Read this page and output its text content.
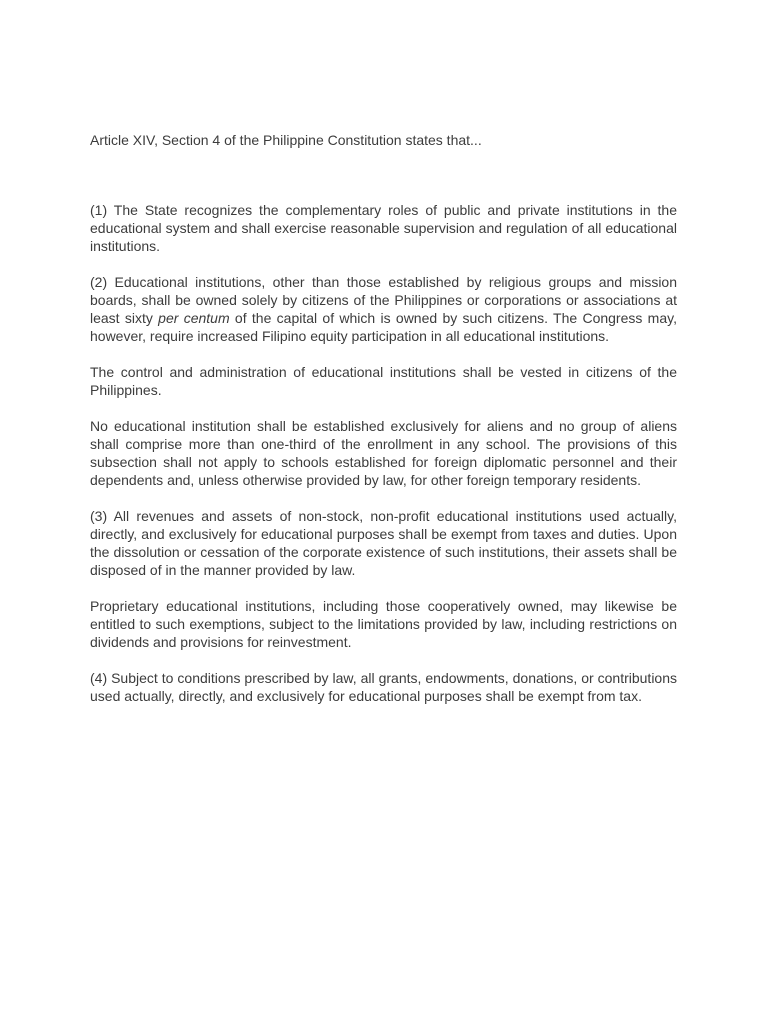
Article XIV, Section 4 of the Philippine Constitution states that...

(1) The State recognizes the complementary roles of public and private institutions in the educational system and shall exercise reasonable supervision and regulation of all educational institutions.

(2) Educational institutions, other than those established by religious groups and mission boards, shall be owned solely by citizens of the Philippines or corporations or associations at least sixty per centum of the capital of which is owned by such citizens. The Congress may, however, require increased Filipino equity participation in all educational institutions.

The control and administration of educational institutions shall be vested in citizens of the Philippines.

No educational institution shall be established exclusively for aliens and no group of aliens shall comprise more than one-third of the enrollment in any school. The provisions of this subsection shall not apply to schools established for foreign diplomatic personnel and their dependents and, unless otherwise provided by law, for other foreign temporary residents.

(3) All revenues and assets of non-stock, non-profit educational institutions used actually, directly, and exclusively for educational purposes shall be exempt from taxes and duties. Upon the dissolution or cessation of the corporate existence of such institutions, their assets shall be disposed of in the manner provided by law.

Proprietary educational institutions, including those cooperatively owned, may likewise be entitled to such exemptions, subject to the limitations provided by law, including restrictions on dividends and provisions for reinvestment.

(4) Subject to conditions prescribed by law, all grants, endowments, donations, or contributions used actually, directly, and exclusively for educational purposes shall be exempt from tax.
